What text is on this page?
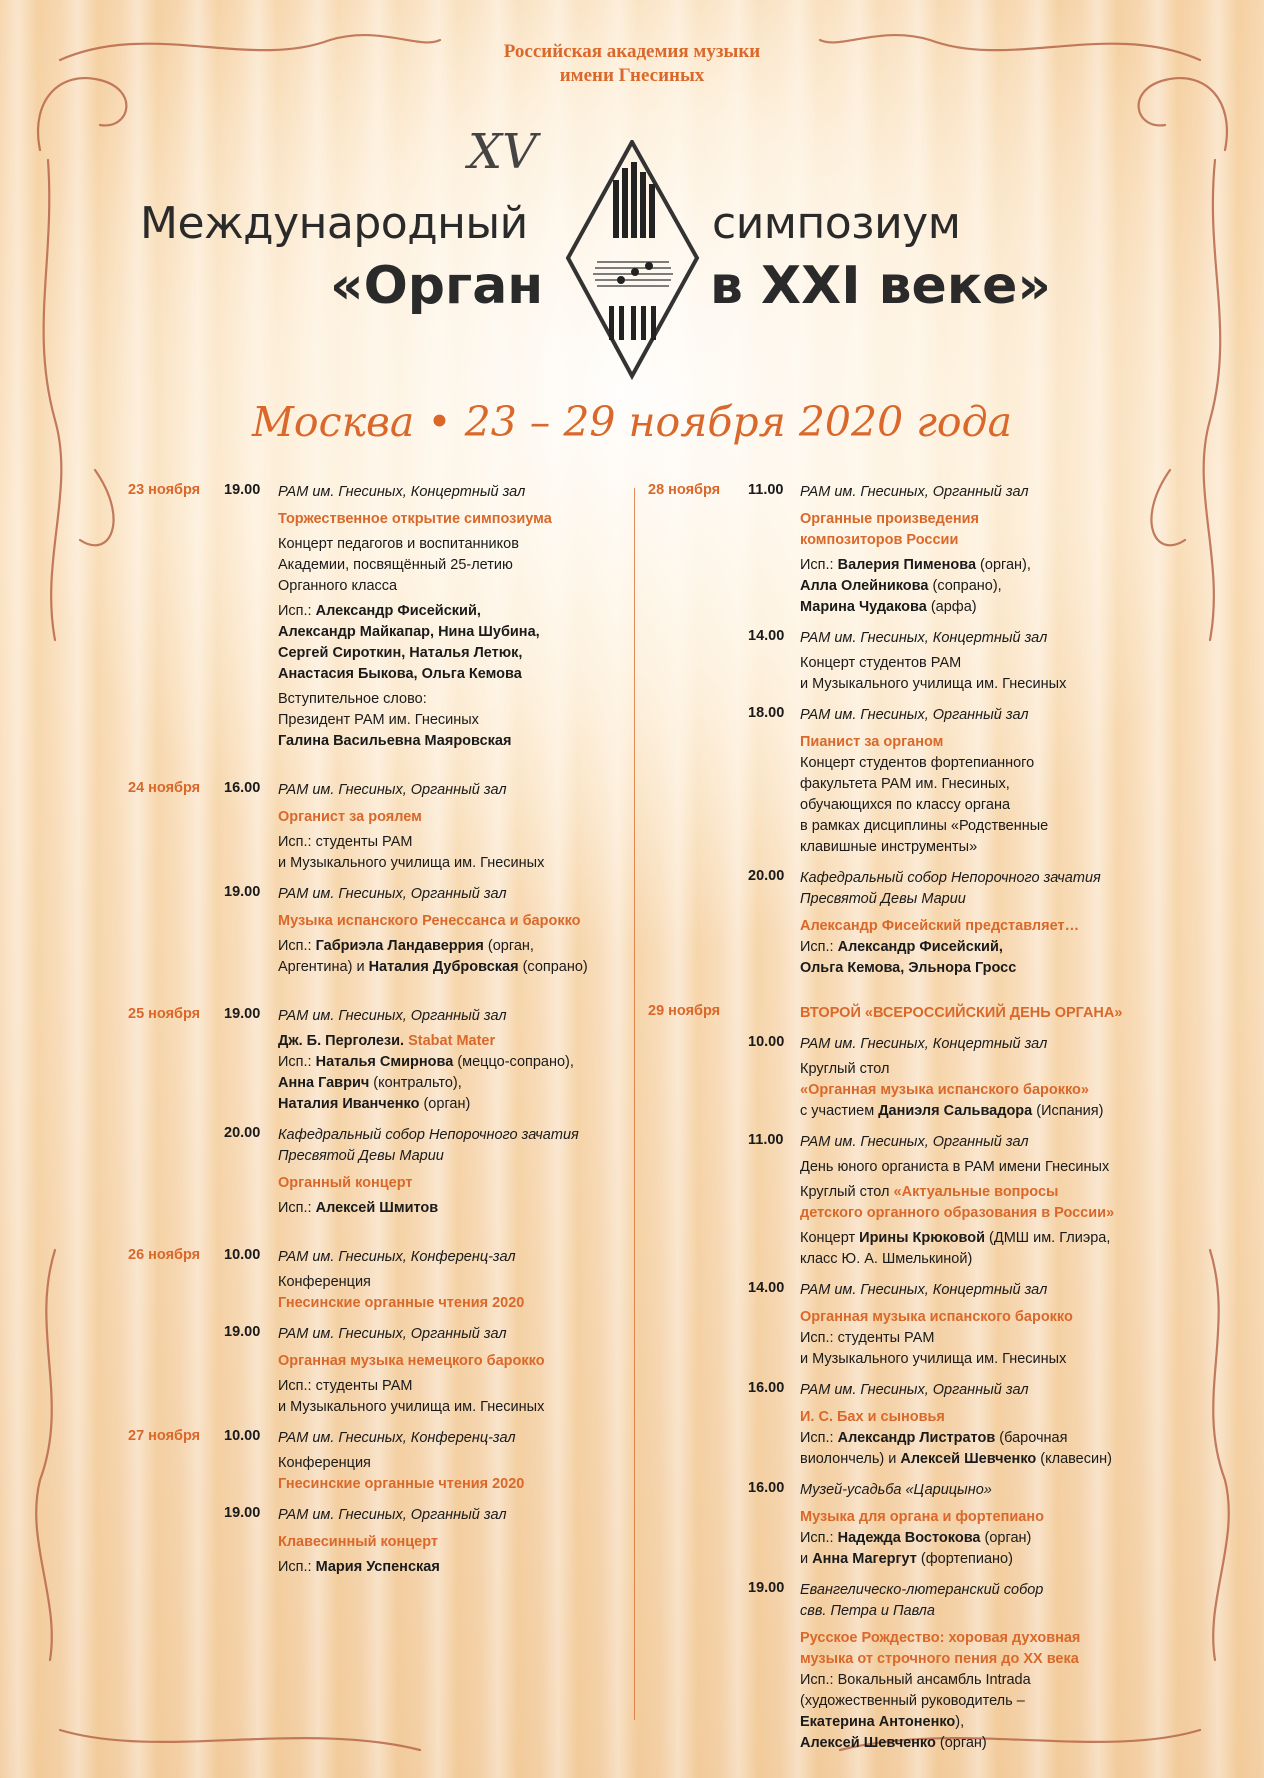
Российская академия музыки
имени Гнесиных
XV
Международный	симпозиум
«Орган	в XXI веке»
Москва • 23 – 29 ноября 2020 года
23 ноября 19.00 РАМ им. Гнесиных, Концертный зал
Торжественное открытие симпозиума
Концерт педагогов и воспитанников
Академии, посвящённый 25-летию
Органного класса
Исп.: Александр Фисейский,
Александр Майкапар, Нина Шубина,
Сергей Сироткин, Наталья Летюк,
Анастасия Быкова, Ольга Кемова
Вступительное слово:
Президент РАМ им. Гнесиных
Галина Васильевна Маяровская
24 ноября 16.00 РАМ им. Гнесиных, Органный зал
Органист за роялем
Исп.: студенты РАМ
и Музыкального училища им. Гнесиных
19.00 РАМ им. Гнесиных, Органный зал
Музыка испанского Ренессанса и барокко
Исп.: Габриэла Ландаверрия (орган,
Аргентина) и Наталия Дубровская (сопрано)
25 ноября 19.00 РАМ им. Гнесиных, Органный зал
Дж. Б. Перголези. Stabat Mater
Исп.: Наталья Смирнова (меццо-сопрано),
Анна Гаврич (контральто),
Наталия Иванченко (орган)
20.00 Кафедральный собор Непорочного зачатия
Пресвятой Девы Марии
Органный концерт
Исп.: Алексей Шмитов
26 ноября 10.00 РАМ им. Гнесиных, Конференц-зал
Конференция
Гнесинские органные чтения 2020
19.00 РАМ им. Гнесиных, Органный зал
Органная музыка немецкого барокко
Исп.: студенты РАМ
и Музыкального училища им. Гнесиных
27 ноября 10.00 РАМ им. Гнесиных, Конференц-зал
Конференция
Гнесинские органные чтения 2020
19.00 РАМ им. Гнесиных, Органный зал
Клавесинный концерт
Исп.: Мария Успенская
28 ноября 11.00 РАМ им. Гнесиных, Органный зал
Органные произведения
композиторов России
Исп.: Валерия Пименова (орган),
Алла Олейникова (сопрано),
Марина Чудакова (арфа)
14.00 РАМ им. Гнесиных, Концертный зал
Концерт студентов РАМ
и Музыкального училища им. Гнесиных
18.00 РАМ им. Гнесиных, Органный зал
Пианист за органом
Концерт студентов фортепианного
факультета РАМ им. Гнесиных,
обучающихся по классу органа
в рамках дисциплины «Родственные
клавишные инструменты»
20.00 Кафедральный собор Непорочного зачатия
Пресвятой Девы Марии
Александр Фисейский представляет…
Исп.: Александр Фисейский,
Ольга Кемова, Эльнора Гросс
29 ноября	ВТОРОЙ «ВСЕРОССИЙСКИЙ ДЕНЬ ОРГАНА»
10.00 РАМ им. Гнесиных, Концертный зал
Круглый стол
«Органная музыка испанского барокко»
с участием Даниэля Сальвадора (Испания)
11.00 РАМ им. Гнесиных, Органный зал
День юного органиста в РАМ имени Гнесиных
Круглый стол «Актуальные вопросы
детского органного образования в России»
Концерт Ирины Крюковой (ДМШ им. Глиэра,
класс Ю. А. Шмелькиной)
14.00 РАМ им. Гнесиных, Концертный зал
Органная музыка испанского барокко
Исп.: студенты РАМ
и Музыкального училища им. Гнесиных
16.00 РАМ им. Гнесиных, Органный зал
И. С. Бах и сыновья
Исп.: Александр Листратов (барочная
виолончель) и Алексей Шевченко (клавесин)
16.00 Музей-усадьба «Царицыно»
Музыка для органа и фортепиано
Исп.: Надежда Востокова (орган)
и Анна Магергут (фортепиано)
19.00 Евангелическо-лютеранский собор
свв. Петра и Павла
Русское Рождество: хоровая духовная
музыка от строчного пения до XX века
Исп.: Вокальный ансамбль Intrada
(художественный руководитель –
Екатерина Антоненко),
Алексей Шевченко (орган)
